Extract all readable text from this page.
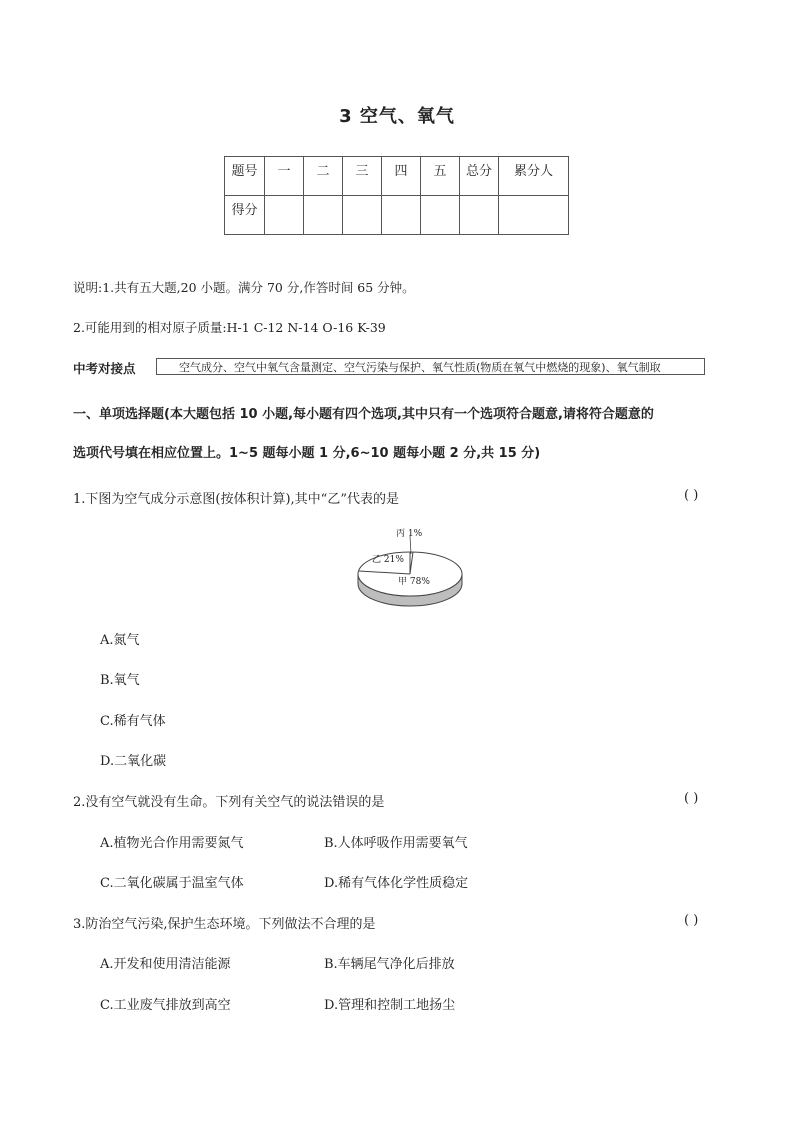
3 空气、氧气
题号	一	二	三	四	五	总分	累分人
得分							
说明:1.共有五大题,20 小题。满分 70 分,作答时间 65 分钟。
2.可能用到的相对原子质量:H-1 C-12 N-14 O-16 K-39
中考对接点	空气成分、空气中氧气含量测定、空气污染与保护、氧气性质(物质在氧气中燃烧的现象)、氧气制取
一、单项选择题(本大题包括 10 小题,每小题有四个选项,其中只有一个选项符合题意,请将符合题意的
选项代号填在相应位置上。1~5 题每小题 1 分,6~10 题每小题 2 分,共 15 分)
1.下图为空气成分示意图(按体积计算),其中“乙”代表的是	( )
丙 1%
乙 21%
甲 78%
A.氮气
B.氧气
C.稀有气体
D.二氧化碳
2.没有空气就没有生命。下列有关空气的说法错误的是	( )
A.植物光合作用需要氮气	B.人体呼吸作用需要氧气
C.二氧化碳属于温室气体	D.稀有气体化学性质稳定
3.防治空气污染,保护生态环境。下列做法不合理的是	( )
A.开发和使用清洁能源	B.车辆尾气净化后排放
C.工业废气排放到高空	D.管理和控制工地扬尘
